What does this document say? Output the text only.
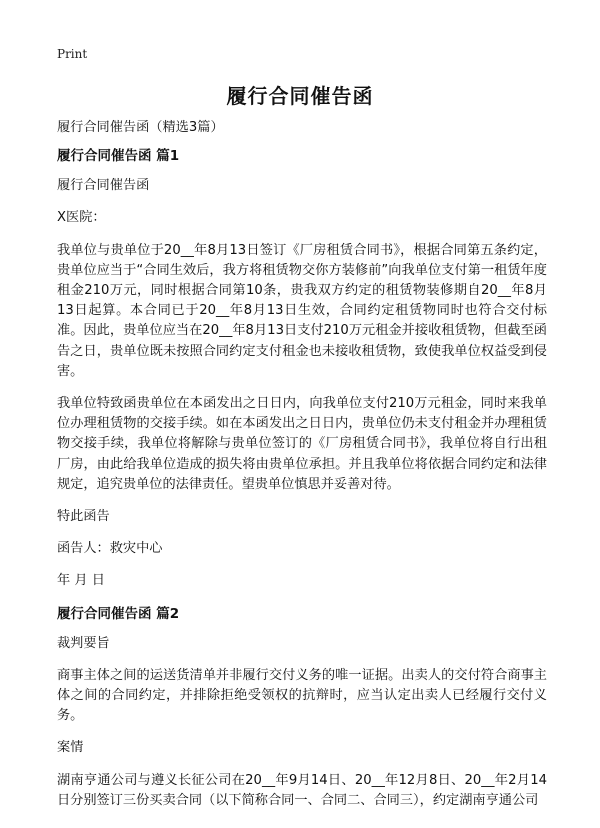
Print
履行合同催告函

履行合同催告函（精选3篇）

履行合同催告函 篇1

履行合同催告函

X医院：

我单位与贵单位于20__年8月13日签订《厂房租赁合同书》，根据合同第五条约定，贵单位应当于“合同生效后，我方将租赁物交你方装修前”向我单位支付第一租赁年度租金210万元，同时根据合同第10条，贵我双方约定的租赁物装修期自20__年8月13日起算。本合同已于20__年8月13日生效，合同约定租赁物同时也符合交付标准。因此，贵单位应当在20__年8月13日支付210万元租金并接收租赁物，但截至函告之日，贵单位既未按照合同约定支付租金也未接收租赁物，致使我单位权益受到侵害。

我单位特致函贵单位在本函发出之日日内，向我单位支付210万元租金，同时来我单位办理租赁物的交接手续。如在本函发出之日日内，贵单位仍未支付租金并办理租赁物交接手续，我单位将解除与贵单位签订的《厂房租赁合同书》，我单位将自行出租厂房，由此给我单位造成的损失将由贵单位承担。并且我单位将依据合同约定和法律规定，追究贵单位的法律责任。望贵单位慎思并妥善对待。

特此函告

函告人：救灾中心

年 月 日

履行合同催告函 篇2

裁判要旨

商事主体之间的运送货清单并非履行交付义务的唯一证据。出卖人的交付符合商事主体之间的合同约定，并排除拒绝受领权的抗辩时，应当认定出卖人已经履行交付义务。

案情

湖南亨通公司与遵义长征公司在20__年9月14日、20__年12月8日、20__年2月14日分别签订三份买卖合同（以下简称合同一、合同二、合同三），约定湖南亨通公司
